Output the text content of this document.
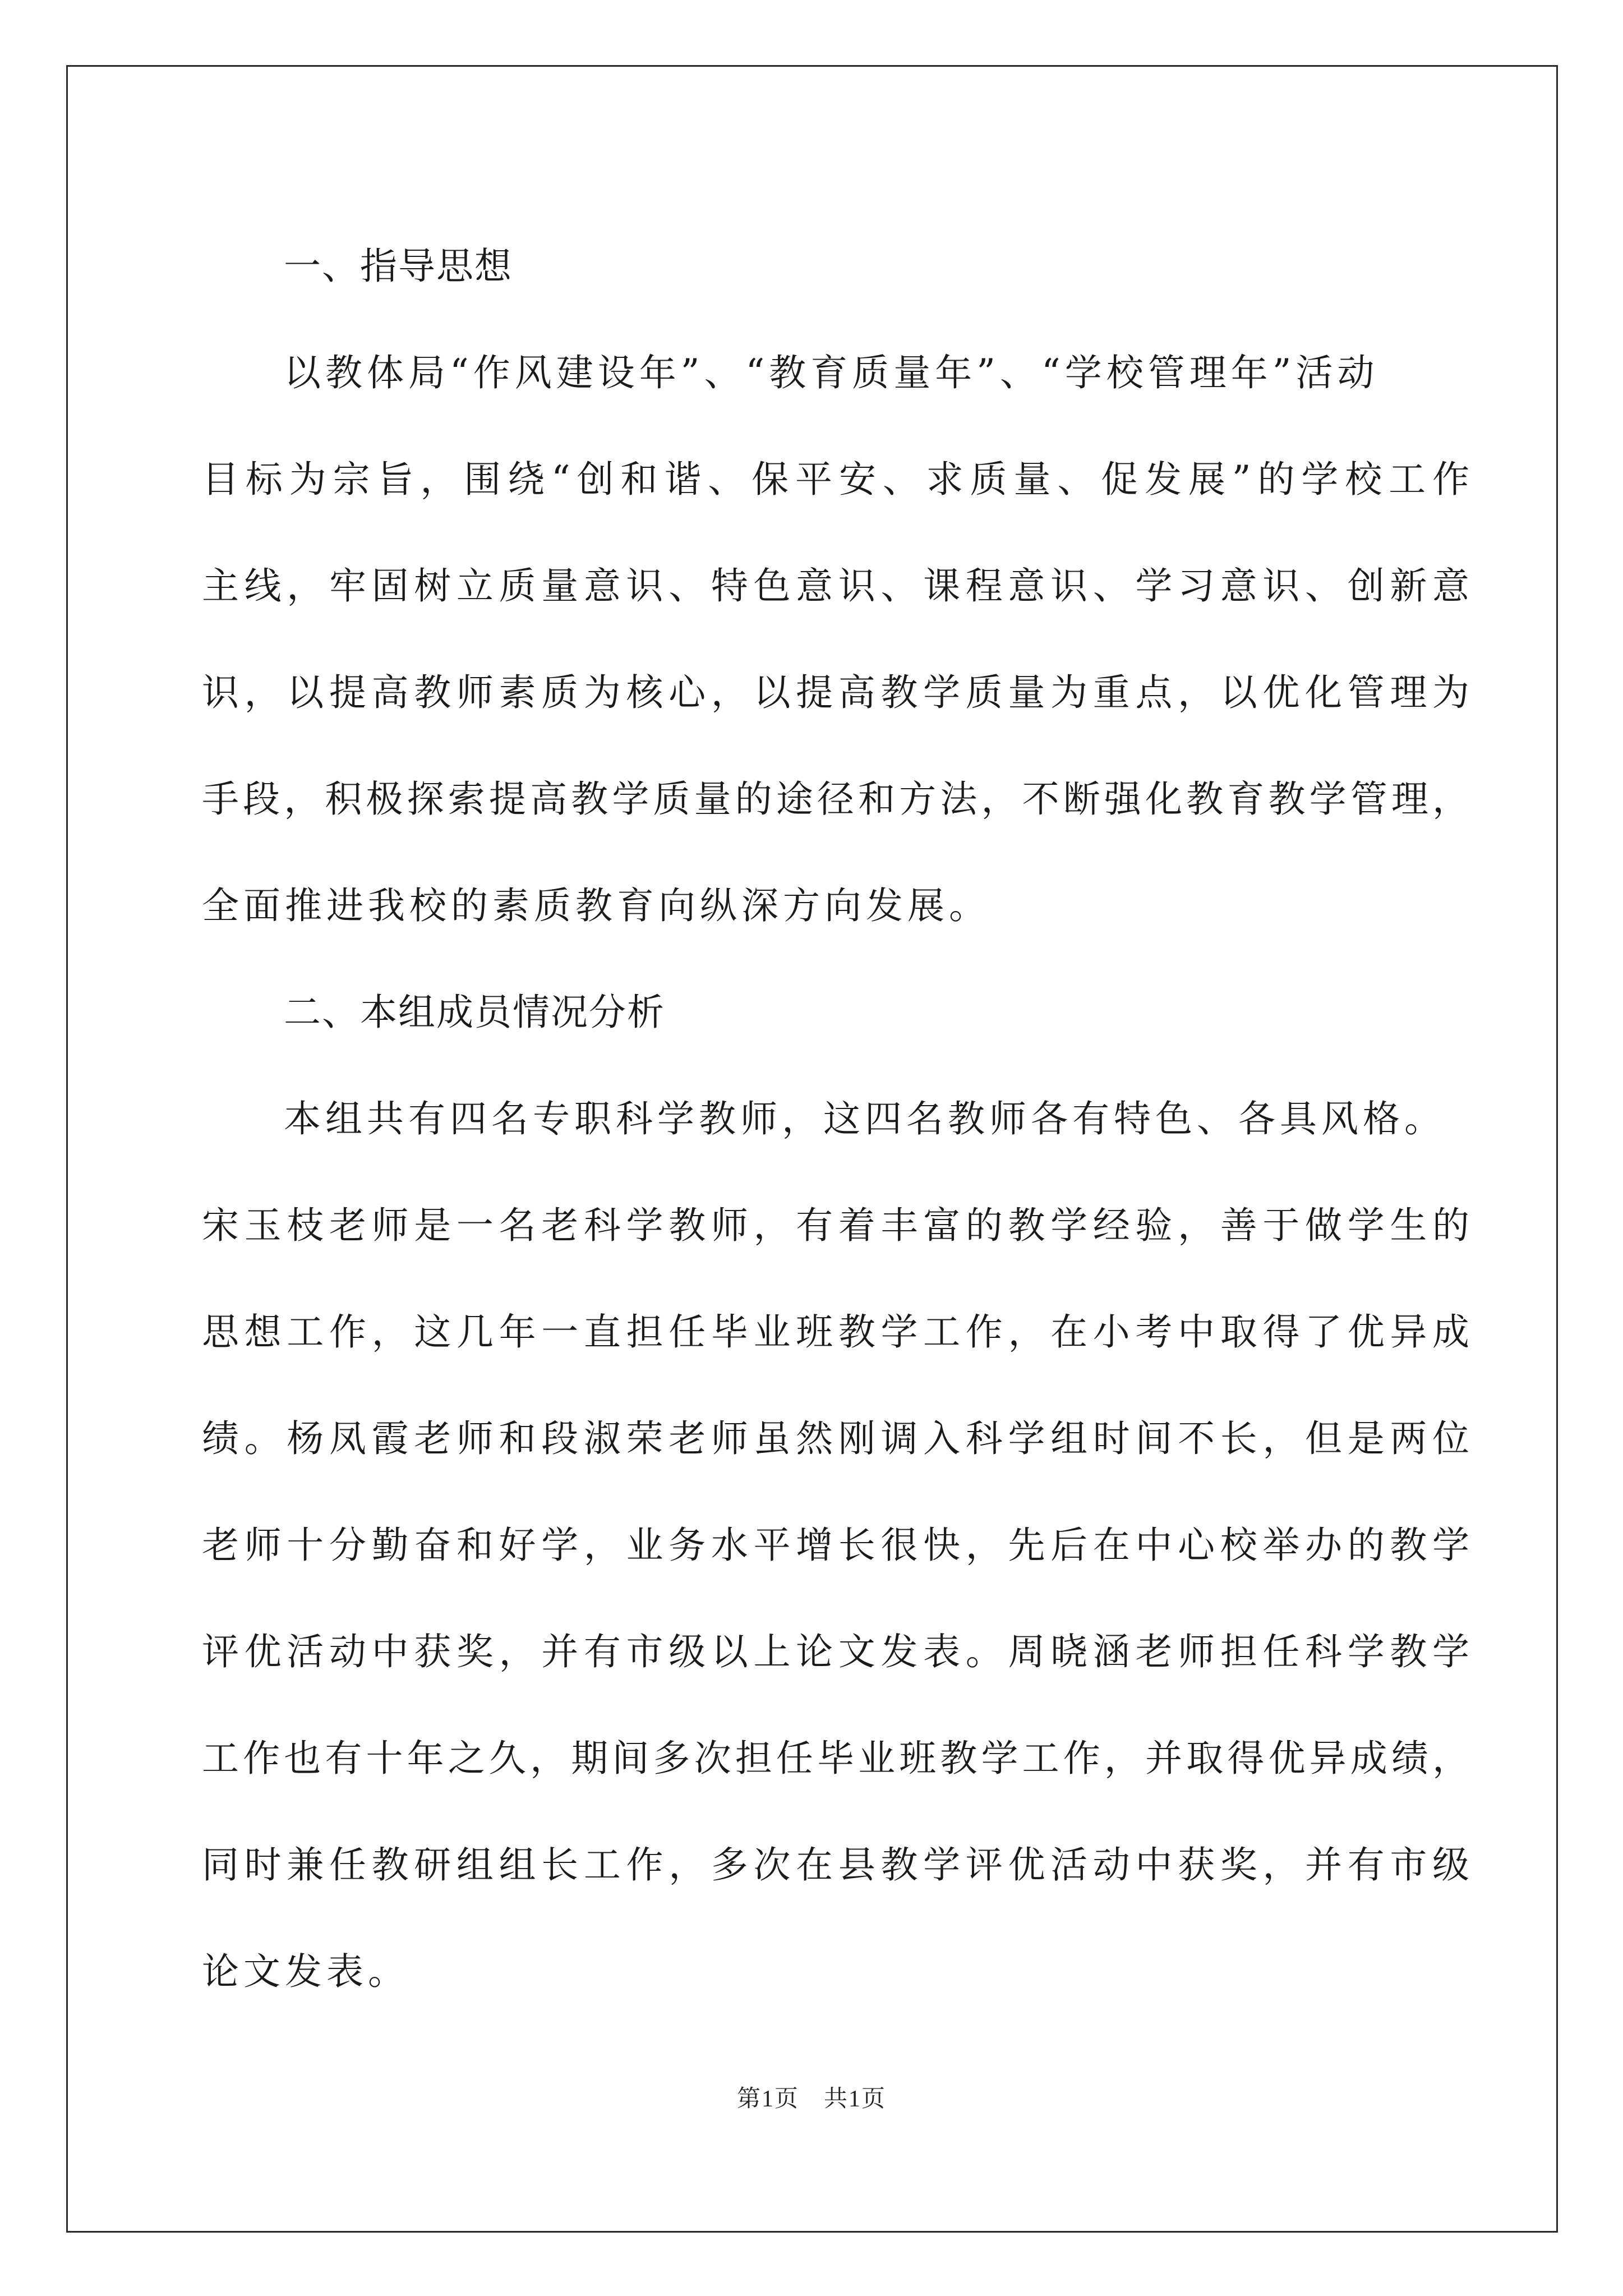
一、指导思想

以教体局“作风建设年”、“教育质量年”、“学校管理年”活动

目标为宗旨，围绕“创和谐、保平安、求质量、促发展”的学校工作

主线，牢固树立质量意识、特色意识、课程意识、学习意识、创新意

识，以提高教师素质为核心，以提高教学质量为重点，以优化管理为

手段，积极探索提高教学质量的途径和方法，不断强化教育教学管理，

全面推进我校的素质教育向纵深方向发展。

二、本组成员情况分析

本组共有四名专职科学教师，这四名教师各有特色、各具风格。

宋玉枝老师是一名老科学教师，有着丰富的教学经验，善于做学生的

思想工作，这几年一直担任毕业班教学工作，在小考中取得了优异成

绩。杨凤霞老师和段淑荣老师虽然刚调入科学组时间不长，但是两位

老师十分勤奋和好学，业务水平增长很快，先后在中心校举办的教学

评优活动中获奖，并有市级以上论文发表。周晓涵老师担任科学教学

工作也有十年之久，期间多次担任毕业班教学工作，并取得优异成绩，

同时兼任教研组组长工作，多次在县教学评优活动中获奖，并有市级

论文发表。

第1页　共1页
